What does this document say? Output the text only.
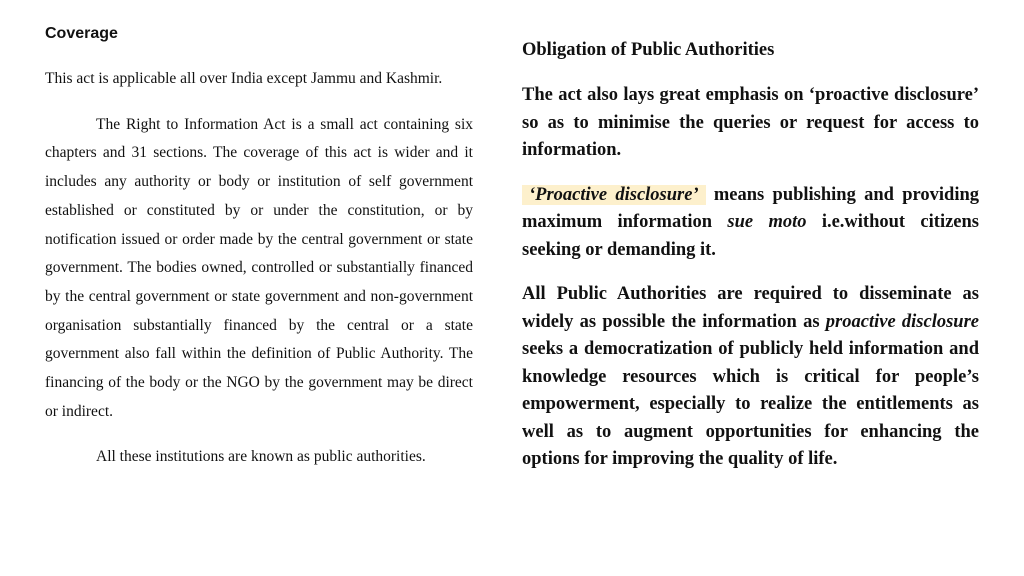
Coverage

This act is applicable all over India except Jammu and Kashmir.

The Right to Information Act is a small act containing six chapters and 31 sections. The coverage of this act is wider and it includes any authority or body or institution of self government established or constituted by or under the constitution, or by notification issued or order made by the central government or state government. The bodies owned, controlled or substantially financed by the central government or state government and non-government organisation substantially financed by the central or a state government also fall within the definition of Public Authority. The financing of the body or the NGO by the government may be direct or indirect.

All these institutions are known as public authorities.

Obligation of Public Authorities

The act also lays great emphasis on ‘proactive disclosure’ so as to minimise the queries or request for access to information.

‘Proactive disclosure’ means publishing and providing maximum information sue moto i.e.without citizens seeking or demanding it.

All Public Authorities are required to disseminate as widely as possible the information as proactive disclosure seeks a democratization of publicly held information and knowledge resources which is critical for people’s empowerment, especially to realize the entitlements as well as to augment opportunities for enhancing the options for improving the quality of life.
